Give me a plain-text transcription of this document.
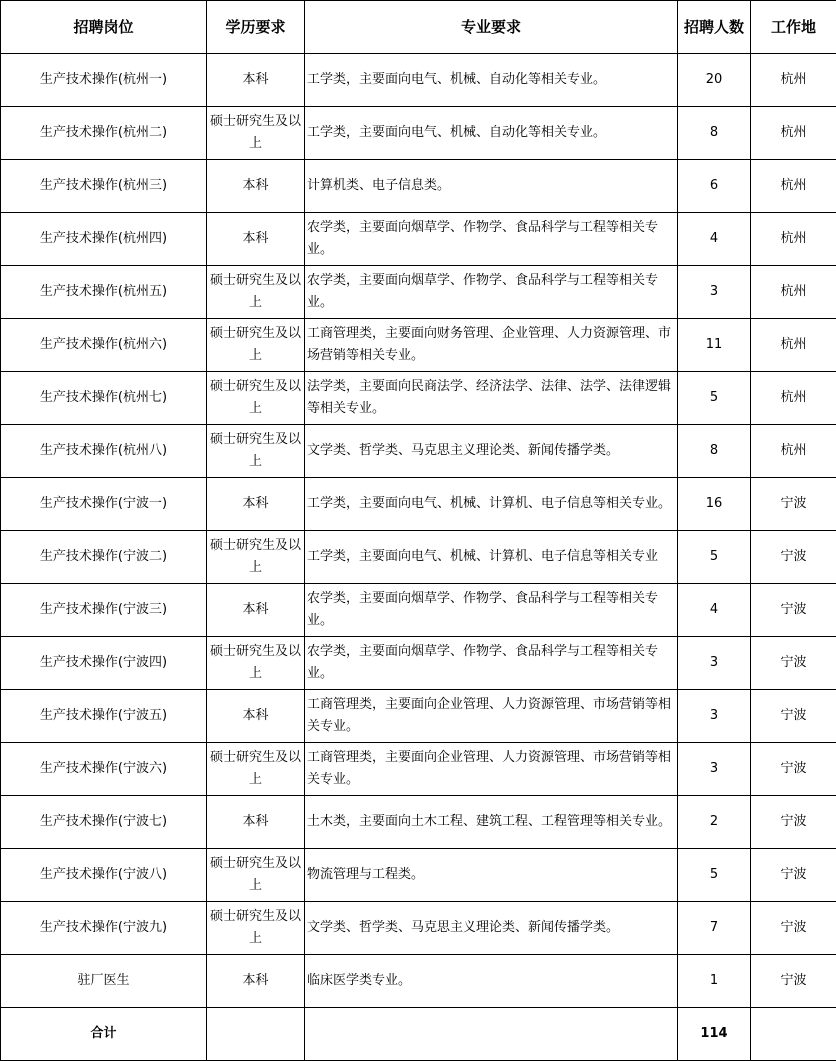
招聘岗位	学历要求	专业要求	招聘人数	工作地
生产技术操作(杭州一)	本科	工学类，主要面向电气、机械、自动化等相关专业。	20	杭州
生产技术操作(杭州二)	硕士研究生及以上	工学类，主要面向电气、机械、自动化等相关专业。	8	杭州
生产技术操作(杭州三)	本科	计算机类、电子信息类。	6	杭州
生产技术操作(杭州四)	本科	农学类，主要面向烟草学、作物学、食品科学与工程等相关专业。	4	杭州
生产技术操作(杭州五)	硕士研究生及以上	农学类，主要面向烟草学、作物学、食品科学与工程等相关专业。	3	杭州
生产技术操作(杭州六)	硕士研究生及以上	工商管理类，主要面向财务管理、企业管理、人力资源管理、市场营销等相关专业。	11	杭州
生产技术操作(杭州七)	硕士研究生及以上	法学类，主要面向民商法学、经济法学、法律、法学、法律逻辑等相关专业。	5	杭州
生产技术操作(杭州八)	硕士研究生及以上	文学类、哲学类、马克思主义理论类、新闻传播学类。	8	杭州
生产技术操作(宁波一)	本科	工学类，主要面向电气、机械、计算机、电子信息等相关专业。	16	宁波
生产技术操作(宁波二)	硕士研究生及以上	工学类，主要面向电气、机械、计算机、电子信息等相关专业	5	宁波
生产技术操作(宁波三)	本科	农学类，主要面向烟草学、作物学、食品科学与工程等相关专业。	4	宁波
生产技术操作(宁波四)	硕士研究生及以上	农学类，主要面向烟草学、作物学、食品科学与工程等相关专业。	3	宁波
生产技术操作(宁波五)	本科	工商管理类，主要面向企业管理、人力资源管理、市场营销等相关专业。	3	宁波
生产技术操作(宁波六)	硕士研究生及以上	工商管理类，主要面向企业管理、人力资源管理、市场营销等相关专业。	3	宁波
生产技术操作(宁波七)	本科	土木类，主要面向土木工程、建筑工程、工程管理等相关专业。	2	宁波
生产技术操作(宁波八)	硕士研究生及以上	物流管理与工程类。	5	宁波
生产技术操作(宁波九)	硕士研究生及以上	文学类、哲学类、马克思主义理论类、新闻传播学类。	7	宁波
驻厂医生	本科	临床医学类专业。	1	宁波
合计			114	
